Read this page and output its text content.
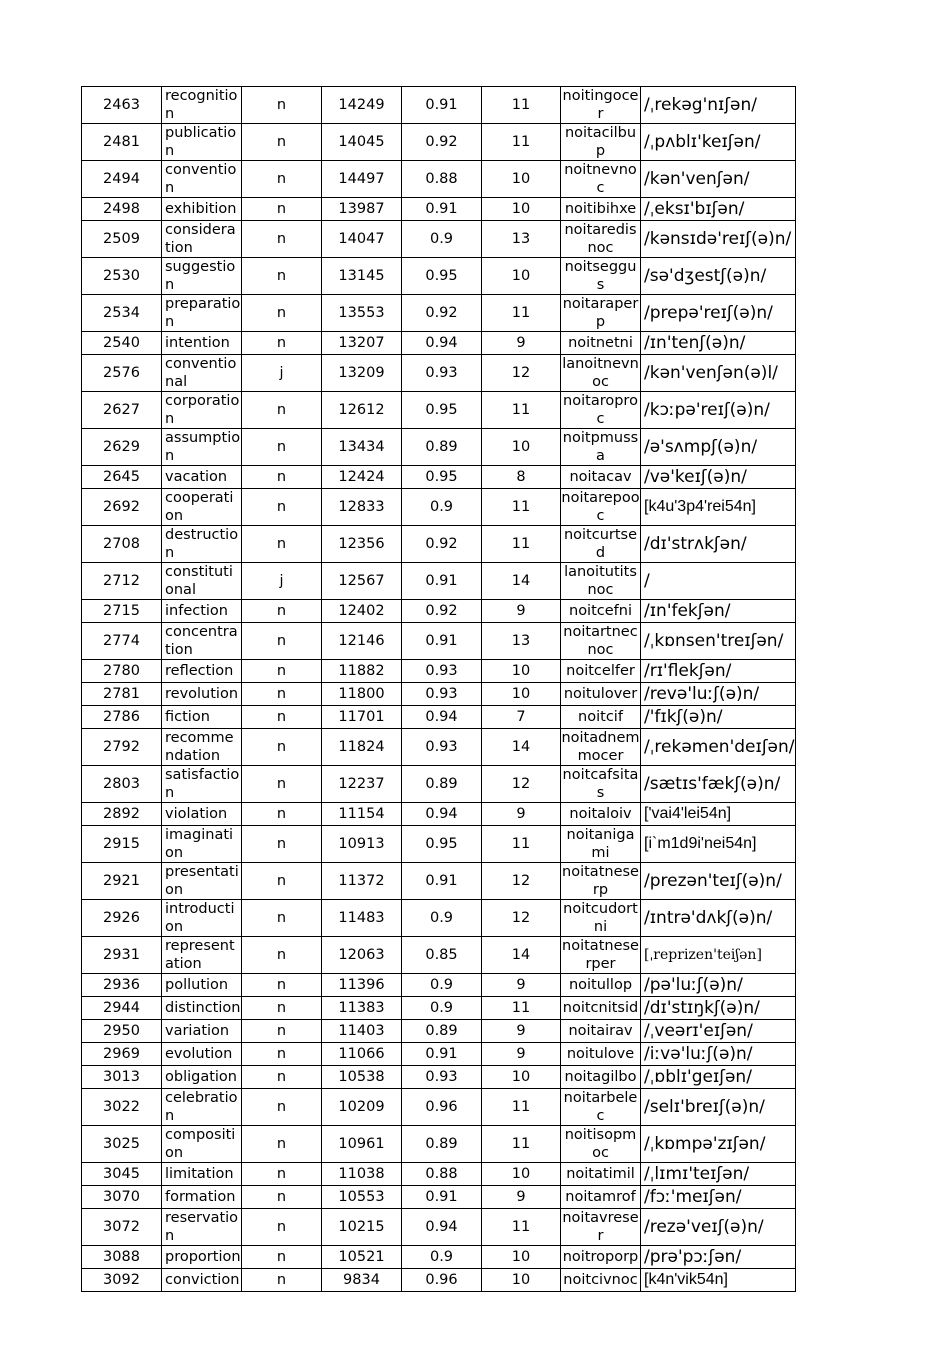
2463	recognition	n	14249	0.91	11	noitingocer	/ˌrekəg'nɪʃən/

2481	publication	n	14045	0.92	11	noitacilbup	/ˌpʌblɪ'keɪʃən/

2494	convention	n	14497	0.88	10	noitnevnoc	/kən'venʃən/

2498	exhibition	n	13987	0.91	10	noitibihxe	/ˌeksɪ'bɪʃən/

2509	consideration	n	14047	0.9	13	noitaredisnoc	/kənsɪdə'reɪʃ(ə)n/

2530	suggestion	n	13145	0.95	10	noitseggus	/sə'dʒestʃ(ə)n/

2534	preparation	n	13553	0.92	11	noitaraperp	/prepə'reɪʃ(ə)n/

2540	intention	n	13207	0.94	9	noitnetni	/ɪn'tenʃ(ə)n/

2576	conventional	j	13209	0.93	12	lanoitnevnoc	/kən'venʃən(ə)l/

2627	corporation	n	12612	0.95	11	noitaroproc	/kɔːpə'reɪʃ(ə)n/

2629	assumption	n	13434	0.89	10	noitpmussa	/ə'sʌmpʃ(ə)n/

2645	vacation	n	12424	0.95	8	noitacav	/və'keɪʃ(ə)n/

2692	cooperation	n	12833	0.9	11	noitarepooc	[k4u'3p4'rei54n]

2708	destruction	n	12356	0.92	11	noitcurtsed	/dɪ'strʌkʃən/

2712	constitutional	j	12567	0.91	14	lanoitutitsnoc	/

2715	infection	n	12402	0.92	9	noitcefni	/ɪn'fekʃən/

2774	concentration	n	12146	0.91	13	noitartnecnoc	/ˌkɒnsen'treɪʃən/

2780	reflection	n	11882	0.93	10	noitcelfer	/rɪ'flekʃən/

2781	revolution	n	11800	0.93	10	noitulover	/revə'luːʃ(ə)n/

2786	fiction	n	11701	0.94	7	noitcif	/'fɪkʃ(ə)n/

2792	recommendation	n	11824	0.93	14	noitadnemmocer	/ˌrekəmen'deɪʃən/

2803	satisfaction	n	12237	0.89	12	noitcafsitas	/sætɪs'fækʃ(ə)n/

2892	violation	n	11154	0.94	9	noitaloiv	['vai4'lei54n]

2915	imagination	n	10913	0.95	11	noitanigami	[i`m1d9i'nei54n]

2921	presentation	n	11372	0.91	12	noitatneserp	/prezən'teɪʃ(ə)n/

2926	introduction	n	11483	0.9	12	noitcudortni	/ɪntrə'dʌkʃ(ə)n/

2931	representation	n	12063	0.85	14	noitatneserper	[ˌreprizen'teiʃən]

2936	pollution	n	11396	0.9	9	noitullop	/pə'luːʃ(ə)n/

2944	distinction	n	11383	0.9	11	noitcnitsid	/dɪ'stɪŋkʃ(ə)n/

2950	variation	n	11403	0.89	9	noitairav	/ˌveərɪ'eɪʃən/

2969	evolution	n	11066	0.91	9	noitulove	/iːvə'luːʃ(ə)n/

3013	obligation	n	10538	0.93	10	noitagilbo	/ˌɒblɪ'geɪʃən/

3022	celebration	n	10209	0.96	11	noitarbelec	/selɪ'breɪʃ(ə)n/

3025	composition	n	10961	0.89	11	noitisopmoc	/ˌkɒmpə'zɪʃən/

3045	limitation	n	11038	0.88	10	noitatimil	/ˌlɪmɪ'teɪʃən/

3070	formation	n	10553	0.91	9	noitamrof	/fɔː'meɪʃən/

3072	reservation	n	10215	0.94	11	noitavreser	/rezə'veɪʃ(ə)n/

3088	proportion	n	10521	0.9	10	noitroporp	/prə'pɔːʃən/

3092	conviction	n	9834	0.96	10	noitcivnoc	[k4n'vik54n]
